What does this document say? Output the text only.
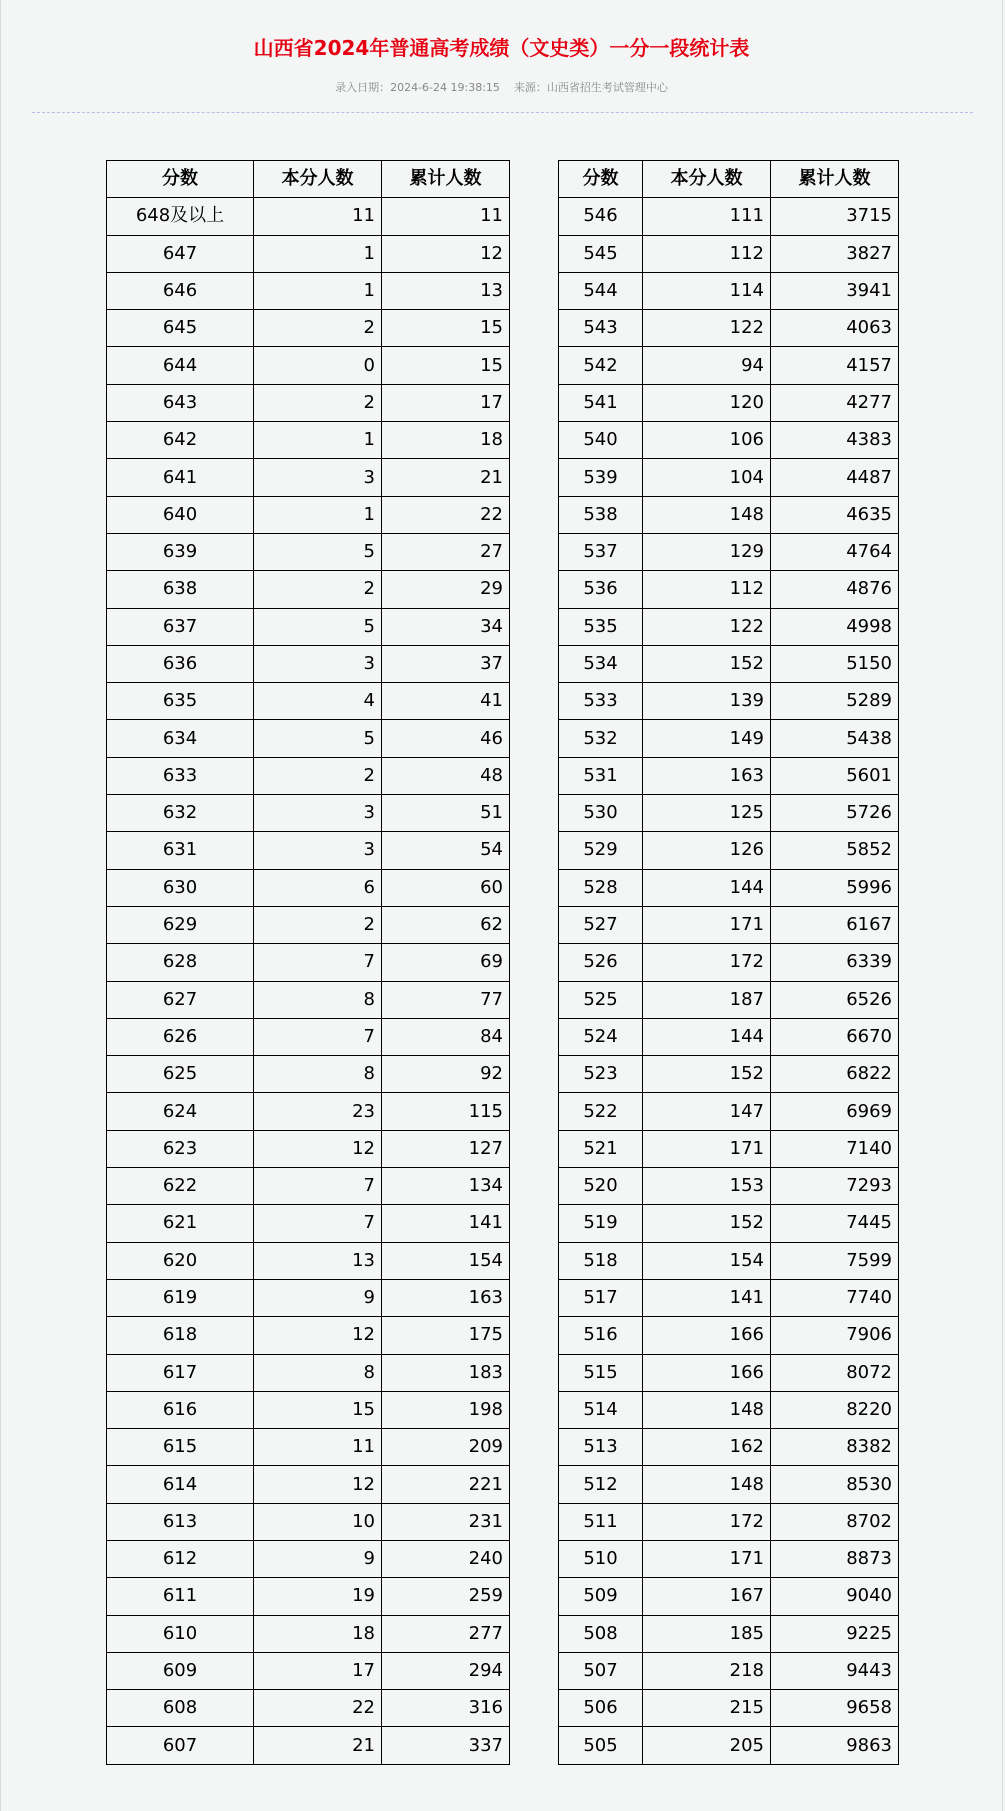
山西省2024年普通高考成绩（文史类）一分一段统计表
录入日期：2024-6-24 19:38:15 来源：山西省招生考试管理中心
分数	本分人数	累计人数
648及以上	11	11
647	1	12
646	1	13
645	2	15
644	0	15
643	2	17
642	1	18
641	3	21
640	1	22
639	5	27
638	2	29
637	5	34
636	3	37
635	4	41
634	5	46
633	2	48
632	3	51
631	3	54
630	6	60
629	2	62
628	7	69
627	8	77
626	7	84
625	8	92
624	23	115
623	12	127
622	7	134
621	7	141
620	13	154
619	9	163
618	12	175
617	8	183
616	15	198
615	11	209
614	12	221
613	10	231
612	9	240
611	19	259
610	18	277
609	17	294
608	22	316
607	21	337
分数	本分人数	累计人数
546	111	3715
545	112	3827
544	114	3941
543	122	4063
542	94	4157
541	120	4277
540	106	4383
539	104	4487
538	148	4635
537	129	4764
536	112	4876
535	122	4998
534	152	5150
533	139	5289
532	149	5438
531	163	5601
530	125	5726
529	126	5852
528	144	5996
527	171	6167
526	172	6339
525	187	6526
524	144	6670
523	152	6822
522	147	6969
521	171	7140
520	153	7293
519	152	7445
518	154	7599
517	141	7740
516	166	7906
515	166	8072
514	148	8220
513	162	8382
512	148	8530
511	172	8702
510	171	8873
509	167	9040
508	185	9225
507	218	9443
506	215	9658
505	205	9863
